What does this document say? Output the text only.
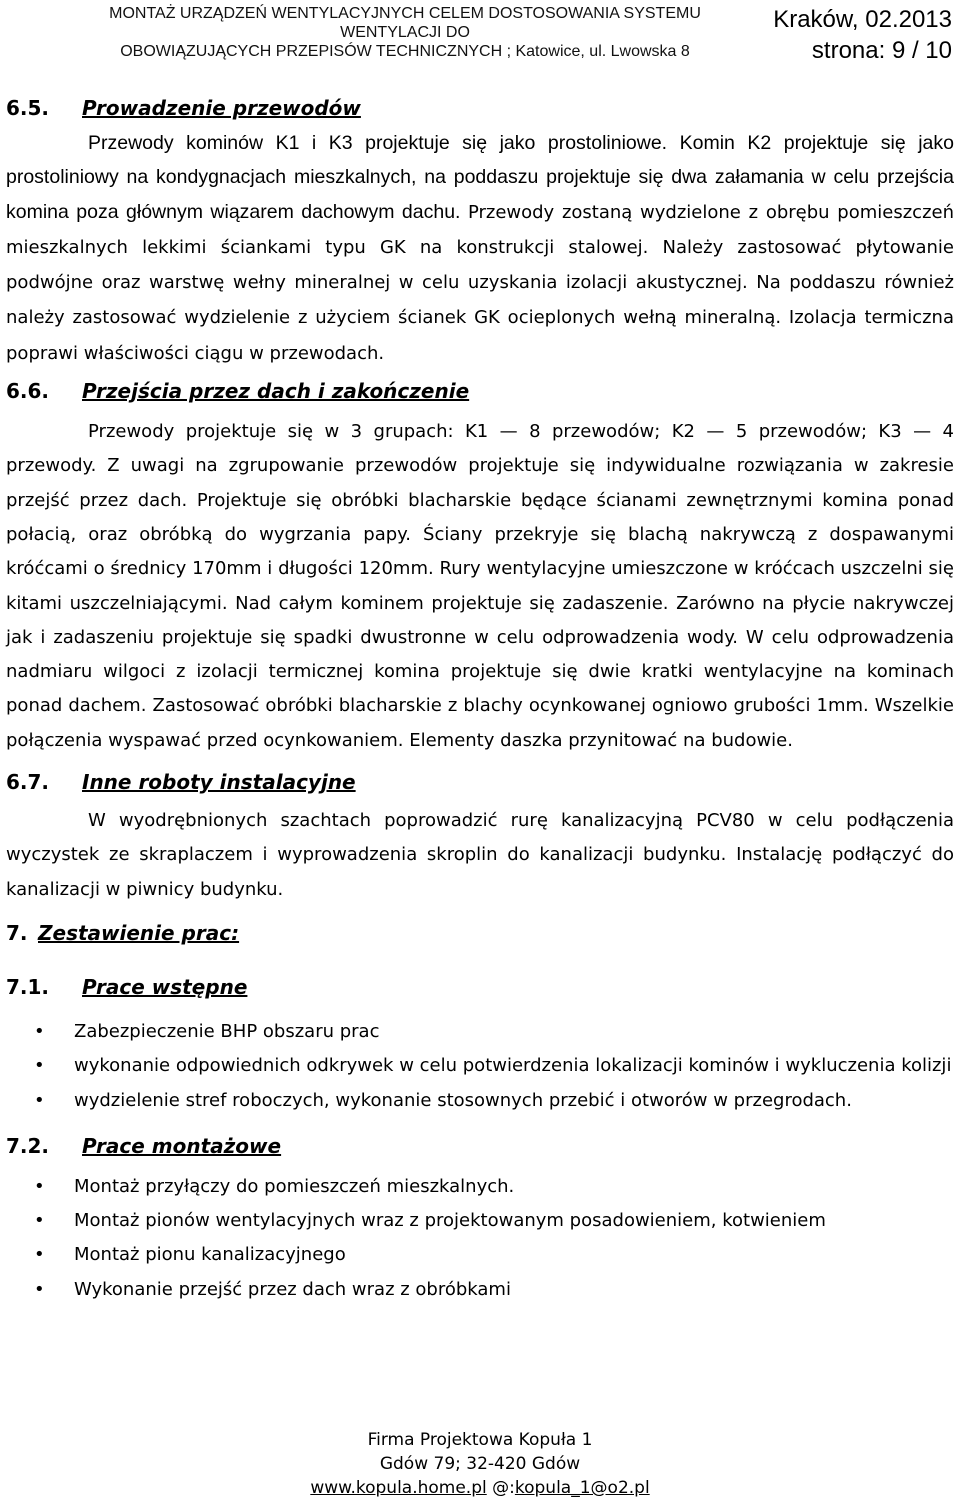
MONTAŻ URZĄDZEŃ WENTYLACYJNYCH CELEM DOSTOSOWANIA SYSTEMU WENTYLACJI DO
OBOWIĄZUJĄCYCH PRZEPISÓW TECHNICZNYCH ; Katowice, ul. Lwowska 8
Kraków, 02.2013
strona: 9 / 10
6.5. Prowadzenie przewodów

Przewody kominów K1 i K3 projektuje się jako prostoliniowe. Komin K2 projektuje się jako prostoliniowy na kondygnacjach mieszkalnych, na poddaszu projektuje się dwa załamania w celu przejścia komina poza głównym wiązarem dachowym dachu. Przewody zostaną wydzielone z obrębu pomieszczeń mieszkalnych lekkimi ściankami typu GK na konstrukcji stalowej. Należy zastosować płytowanie podwójne oraz warstwę wełny mineralnej w celu uzyskania izolacji akustycznej. Na poddaszu również należy zastosować wydzielenie z użyciem ścianek GK ocieplonych wełną mineralną. Izolacja termiczna poprawi właściwości ciągu w przewodach.

6.6. Przejścia przez dach i zakończenie

Przewody projektuje się w 3 grupach: K1 — 8 przewodów; K2 — 5 przewodów; K3 — 4 przewody. Z uwagi na zgrupowanie przewodów projektuje się indywidualne rozwiązania w zakresie przejść przez dach. Projektuje się obróbki blacharskie będące ścianami zewnętrznymi komina ponad połacią, oraz obróbką do wygrzania papy. Ściany przekryje się blachą nakrywczą z dospawanymi króćcami o średnicy 170mm i długości 120mm. Rury wentylacyjne umieszczone w króćcach uszczelni się kitami uszczelniającymi. Nad całym kominem projektuje się zadaszenie. Zarówno na płycie nakrywczej jak i zadaszeniu projektuje się spadki dwustronne w celu odprowadzenia wody. W celu odprowadzenia nadmiaru wilgoci z izolacji termicznej komina projektuje się dwie kratki wentylacyjne na kominach ponad dachem. Zastosować obróbki blacharskie z blachy ocynkowanej ogniowo grubości 1mm. Wszelkie połączenia wyspawać przed ocynkowaniem. Elementy daszka przynitować na budowie.

6.7. Inne roboty instalacyjne

W wyodrębnionych szachtach poprowadzić rurę kanalizacyjną PCV80 w celu podłączenia wyczystek ze skraplaczem i wyprowadzenia skroplin do kanalizacji budynku. Instalację podłączyć do kanalizacji w piwnicy budynku.

7. Zestawienie prac:
7.1. Prace wstępne
• Zabezpieczenie BHP obszaru prac
• wykonanie odpowiednich odkrywek w celu potwierdzenia lokalizacji kominów i wykluczenia kolizji
• wydzielenie stref roboczych, wykonanie stosownych przebić i otworów w przegrodach.
7.2. Prace montażowe
• Montaż przyłączy do pomieszczeń mieszkalnych.
• Montaż pionów wentylacyjnych wraz z projektowanym posadowieniem, kotwieniem
• Montaż pionu kanalizacyjnego
• Wykonanie przejść przez dach wraz z obróbkami
Firma Projektowa Kopuła 1
Gdów 79; 32-420 Gdów
www.kopula.home.pl @:kopula_1@o2.pl
